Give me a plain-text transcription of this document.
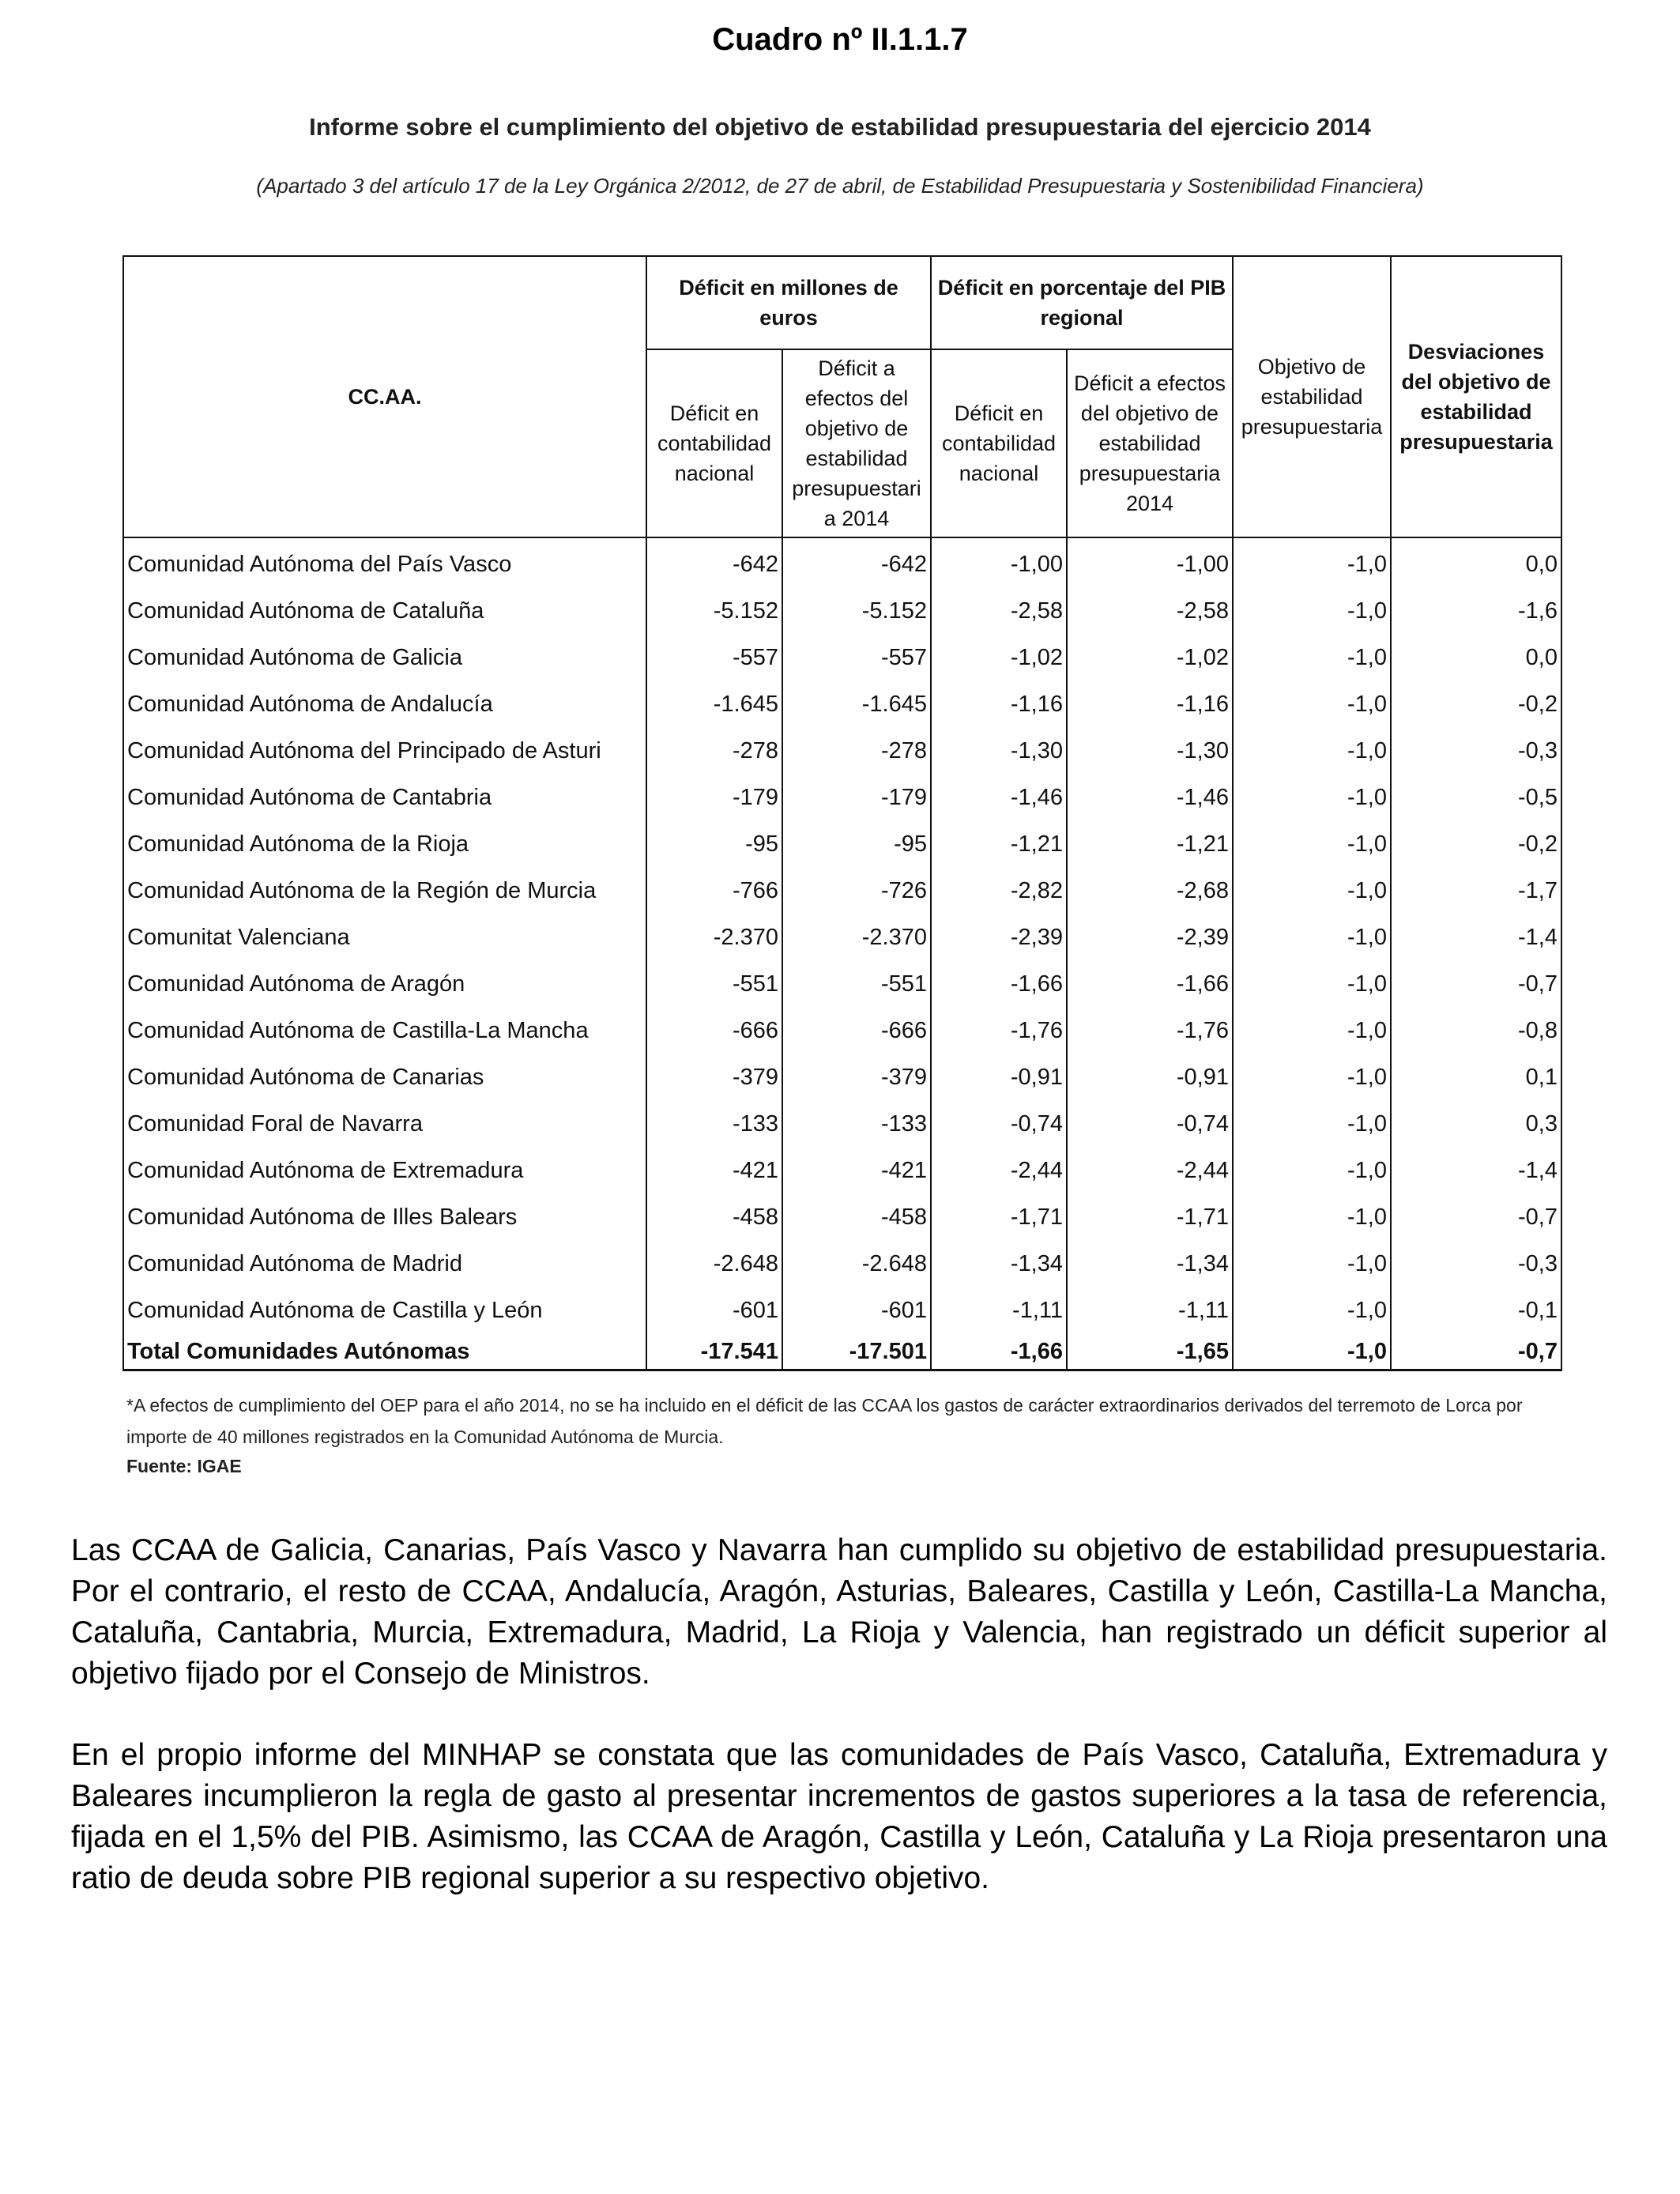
Cuadro nº II.1.1.7
Informe sobre el cumplimiento del objetivo de estabilidad presupuestaria del ejercicio 2014
(Apartado 3 del artículo 17 de la Ley Orgánica 2/2012, de 27 de abril, de Estabilidad Presupuestaria y Sostenibilidad Financiera)
CC.AA.	Déficit en millones de euros		Déficit en porcentaje del PIB regional		Objetivo de estabilidad presupuestaria	Desviaciones del objetivo de estabilidad presupuestaria
	Déficit en contabilidad nacional	Déficit a efectos del objetivo de estabilidad presupuestari a 2014	Déficit en contabilidad nacional	Déficit a efectos del objetivo de estabilidad presupuestaria 2014		
Comunidad Autónoma del País Vasco	-642	-642	-1,00	-1,00	-1,0	0,0
Comunidad Autónoma de Cataluña	-5.152	-5.152	-2,58	-2,58	-1,0	-1,6
Comunidad Autónoma de Galicia	-557	-557	-1,02	-1,02	-1,0	0,0
Comunidad Autónoma de Andalucía	-1.645	-1.645	-1,16	-1,16	-1,0	-0,2
Comunidad Autónoma del Principado de Asturi	-278	-278	-1,30	-1,30	-1,0	-0,3
Comunidad Autónoma de Cantabria	-179	-179	-1,46	-1,46	-1,0	-0,5
Comunidad Autónoma de la Rioja	-95	-95	-1,21	-1,21	-1,0	-0,2
Comunidad Autónoma de la Región de Murcia	-766	-726	-2,82	-2,68	-1,0	-1,7
Comunitat Valenciana	-2.370	-2.370	-2,39	-2,39	-1,0	-1,4
Comunidad Autónoma de Aragón	-551	-551	-1,66	-1,66	-1,0	-0,7
Comunidad Autónoma de Castilla-La Mancha	-666	-666	-1,76	-1,76	-1,0	-0,8
Comunidad Autónoma de Canarias	-379	-379	-0,91	-0,91	-1,0	0,1
Comunidad Foral de Navarra	-133	-133	-0,74	-0,74	-1,0	0,3
Comunidad Autónoma de Extremadura	-421	-421	-2,44	-2,44	-1,0	-1,4
Comunidad Autónoma de Illes Balears	-458	-458	-1,71	-1,71	-1,0	-0,7
Comunidad Autónoma de Madrid	-2.648	-2.648	-1,34	-1,34	-1,0	-0,3
Comunidad Autónoma de Castilla y León	-601	-601	-1,11	-1,11	-1,0	-0,1
Total Comunidades Autónomas	-17.541	-17.501	-1,66	-1,65	-1,0	-0,7
*A efectos de cumplimiento del OEP para el año 2014, no se ha incluido en el déficit de las CCAA los gastos de carácter extraordinarios derivados del terremoto de Lorca por importe de 40 millones registrados en la Comunidad Autónoma de Murcia.
Fuente: IGAE

Las CCAA de Galicia, Canarias, País Vasco y Navarra han cumplido su objetivo de estabilidad presupuestaria. Por el contrario, el resto de CCAA, Andalucía, Aragón, Asturias, Baleares, Castilla y León, Castilla-La Mancha, Cataluña, Cantabria, Murcia, Extremadura, Madrid, La Rioja y Valencia, han registrado un déficit superior al objetivo fijado por el Consejo de Ministros.

En el propio informe del MINHAP se constata que las comunidades de País Vasco, Cataluña, Extremadura y Baleares incumplieron la regla de gasto al presentar incrementos de gastos superiores a la tasa de referencia, fijada en el 1,5% del PIB. Asimismo, las CCAA de Aragón, Castilla y León, Cataluña y La Rioja presentaron una ratio de deuda sobre PIB regional superior a su respectivo objetivo.
